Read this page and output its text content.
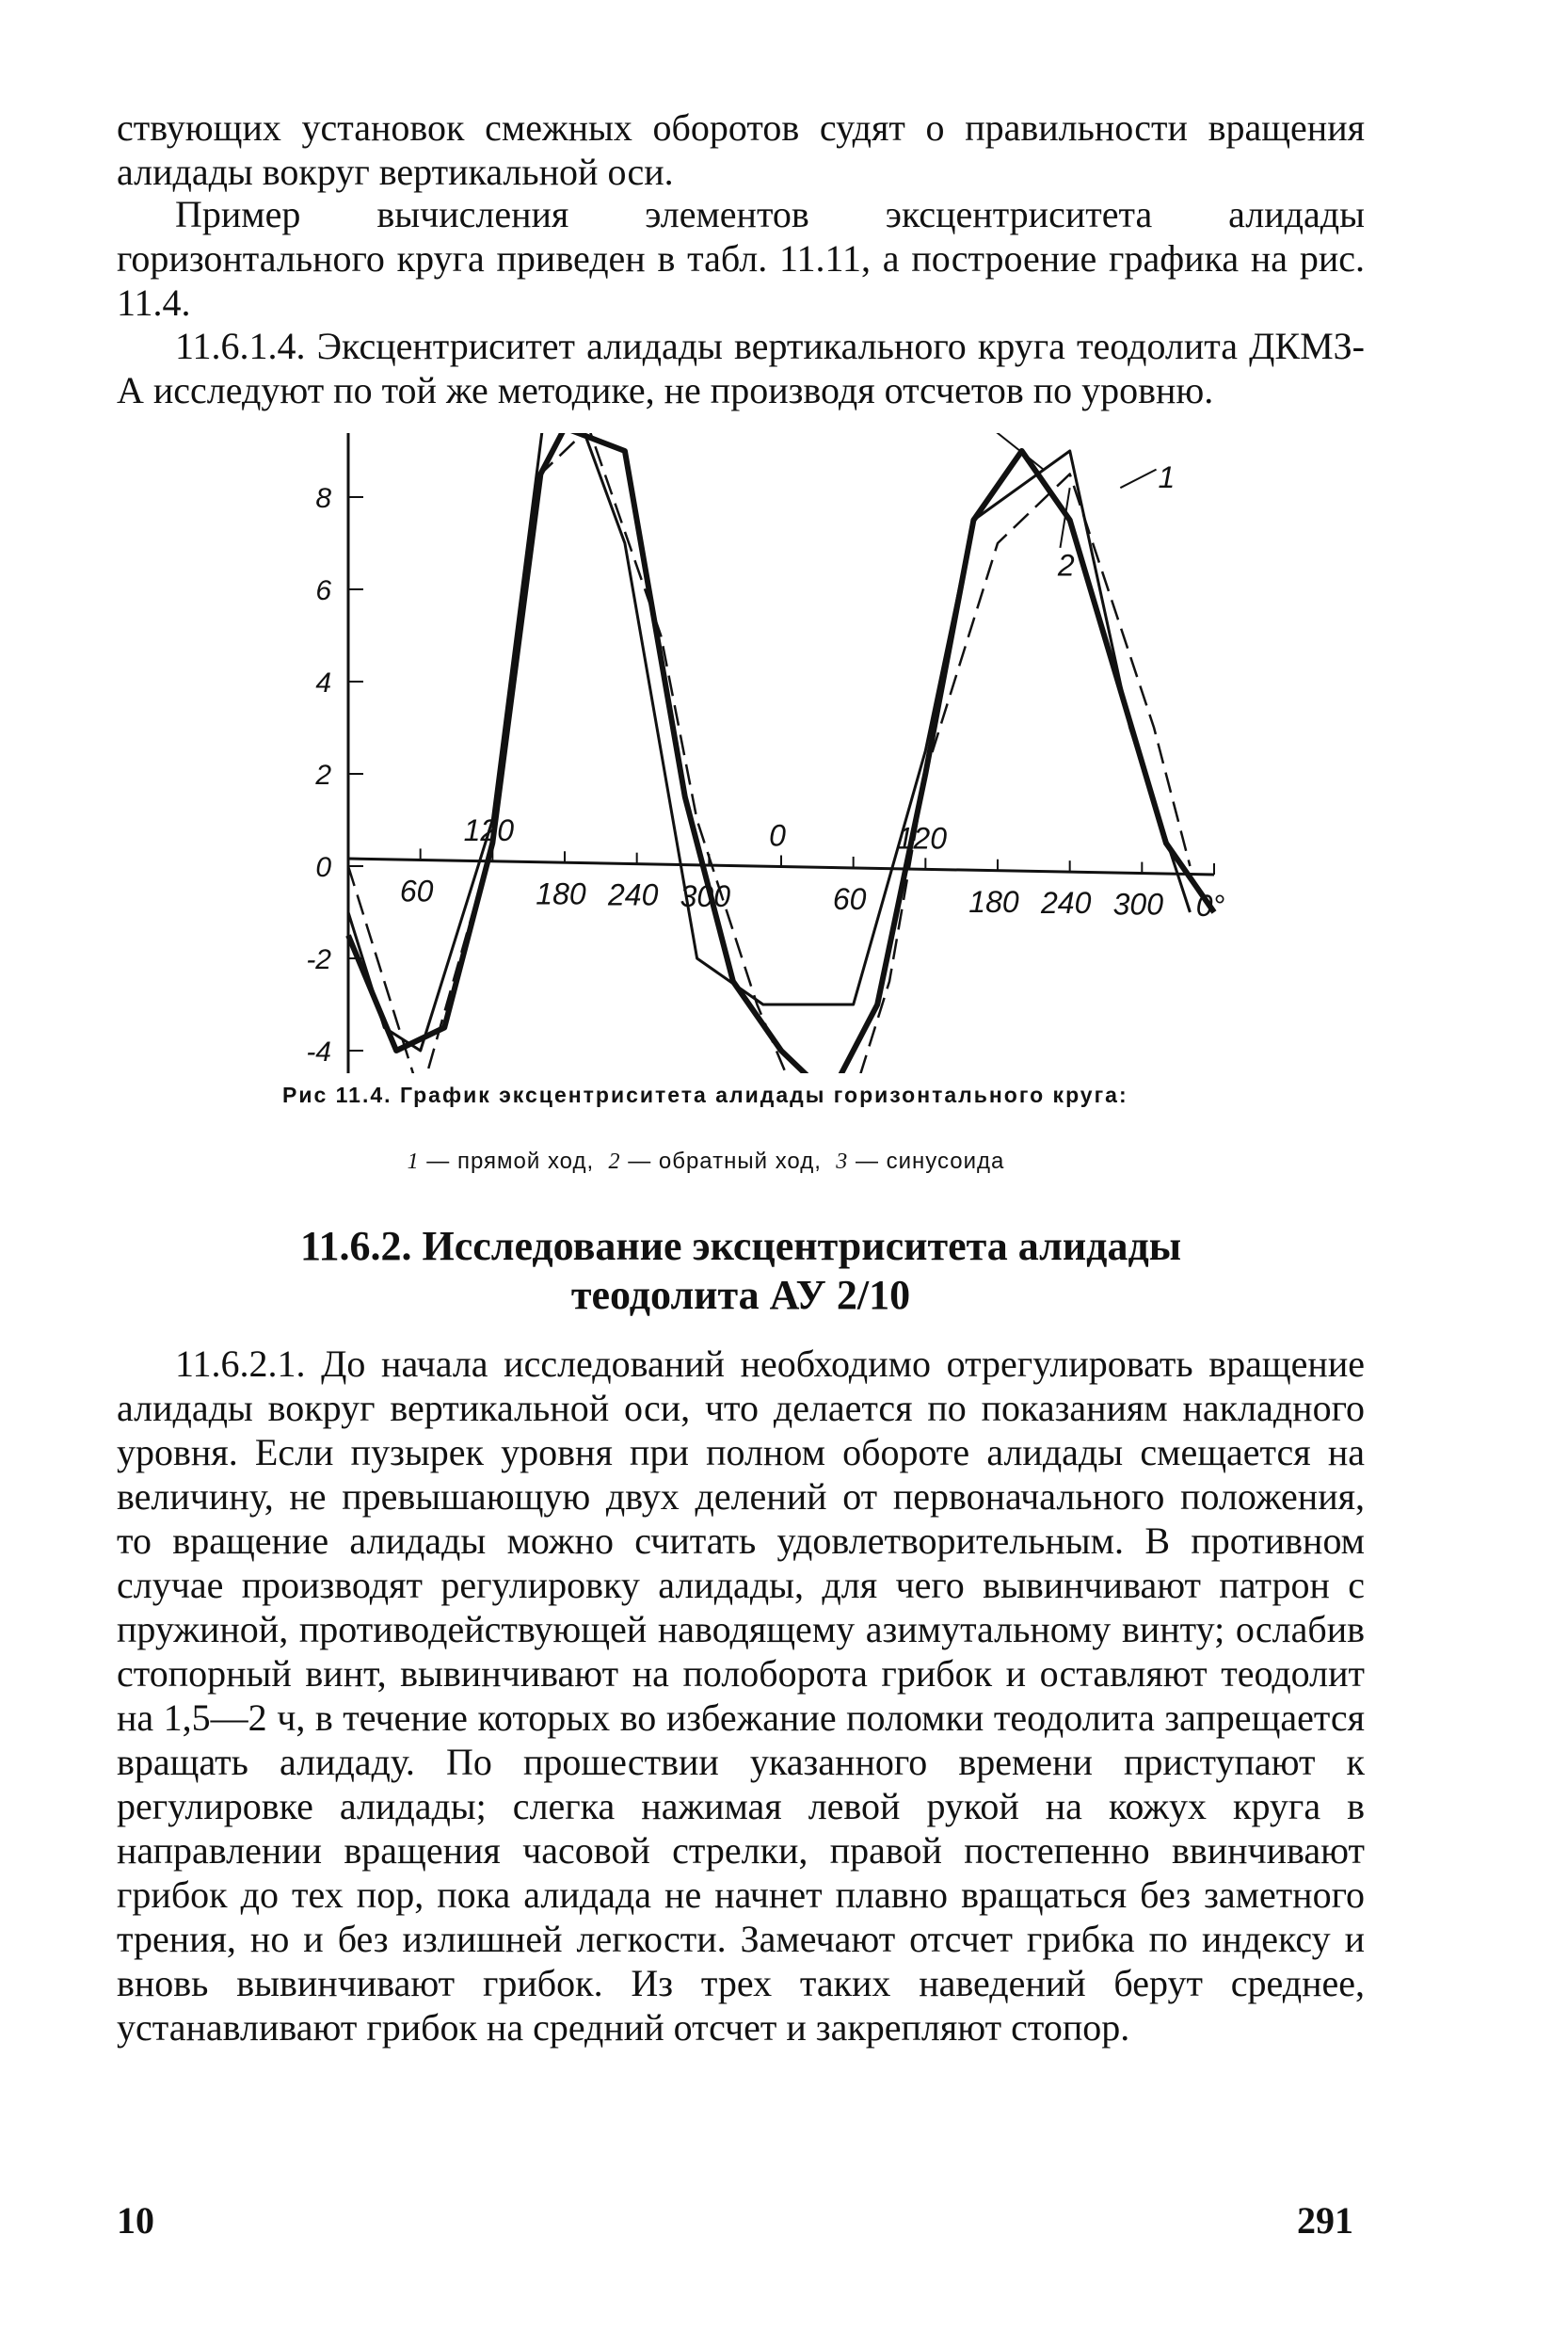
ствующих установок смежных оборотов судят о правильности вращения алидады вокруг вертикальной оси.

Пример вычисления элементов эксцентриситета алидады горизонтального круга приведен в табл. 11.11, а построение графика на рис. 11.4.

11.6.1.4. Эксцентриситет алидады вертикального круга теодолита ДКМЗ-А исследуют по той же методике, не производя отсчетов по уровню.

8
6
4
2
0
-2
-4
60
120
180 240 300
0
60
120
180 240 300 0°
1
2
Рис 11.4. График эксцентриситета алидады горизонтального круга:
1 — прямой ход, 2 — обратный ход, 3 — синусоида
11.6.2. Исследование эксцентриситета алидады
теодолита АУ 2/10

11.6.2.1. До начала исследований необходимо отрегулировать вращение алидады вокруг вертикальной оси, что делается по показаниям накладного уровня. Если пузырек уровня при полном обороте алидады смещается на величину, не превышающую двух делений от первоначального положения, то вращение алидады можно считать удовлетворительным. В противном случае производят регулировку алидады, для чего вывинчивают патрон с пружиной, противодействующей наводящему азимутальному винту; ослабив стопорный винт, вывинчивают на полоборота грибок и оставляют теодолит на 1,5—2 ч, в течение которых во избежание поломки теодолита запрещается вращать алидаду. По прошествии указанного времени приступают к регулировке алидады; слегка нажимая левой рукой на кожух круга в направлении вращения часовой стрелки, правой постепенно ввинчивают грибок до тех пор, пока алидада не начнет плавно вращаться без заметного трения, но и без излишней легкости. Замечают отсчет грибка по индексу и вновь вывинчивают грибок. Из трех таких наведений берут среднее, устанавливают грибок на средний отсчет и закрепляют стопор.

10	291
